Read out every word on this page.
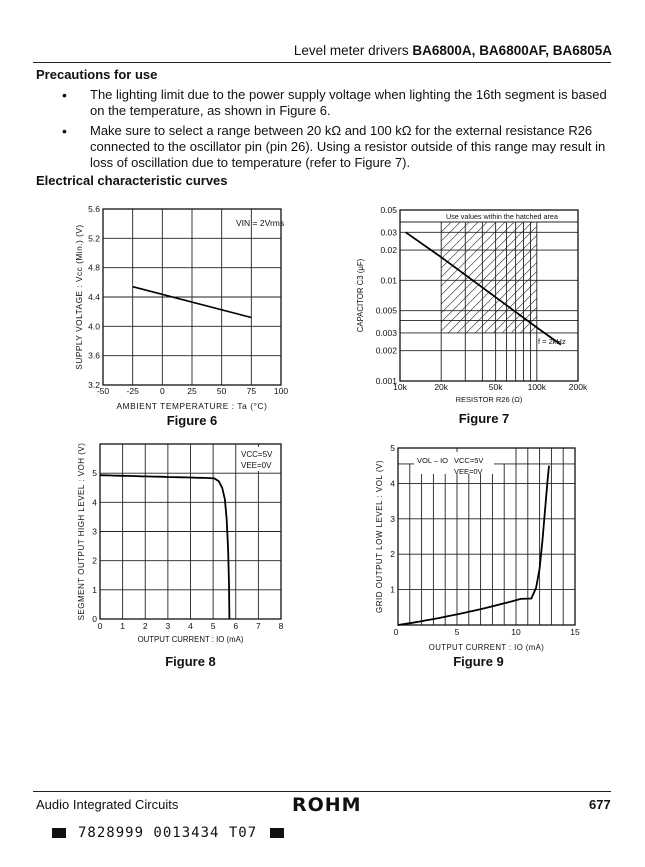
Level meter drivers BA6800A, BA6800AF, BA6805A
Precautions for use
• The lighting limit due to the power supply voltage when lighting the 16th segment is based on the temperature, as shown in Figure 6.
• Make sure to select a range between 20 kΩ and 100 kΩ for the external resistance R26 connected to the oscillator pin (pin 26). Using a resistor outside of this range may result in loss of oscillation due to temperature (refer to Figure 7).
Electrical characteristic curves
-50 -25 0	25 50 75 100
3.2
3.6
4.0
4.4
4.8
5.2
5.6
VIN = 2Vrms
AMBIENT TEMPERATURE : Ta (°C)
SUPPLY VOLTAGE : Vcc (Min.) (V)
Figure 6
0.001
0.002
0.003
0.005
0.01
0.02
0.03
0.05
10k	20k	50k	100k	200k
Use values within the hatched area
f = 2kHz
RESISTOR R26 (Ω)
CAPACITOR C3 (μF)
Figure 7
0 1 2 3 4 5 6 7 8
0
1
2
3
4
5
VCC=5V
VEE=0V
OUTPUT CURRENT : IO (mA)
SEGMENT OUTPUT HIGH LEVEL : VOH (V)
Figure 8
1
2
3
4
5
0	5	10	15
VOL – IO VCC=5V
VEE=0V
OUTPUT CURRENT : IO (mA)
GRID OUTPUT LOW LEVEL : VOL (V)
Figure 9
Audio Integrated Circuits	ROHM	677
7828999 0013434 T07
